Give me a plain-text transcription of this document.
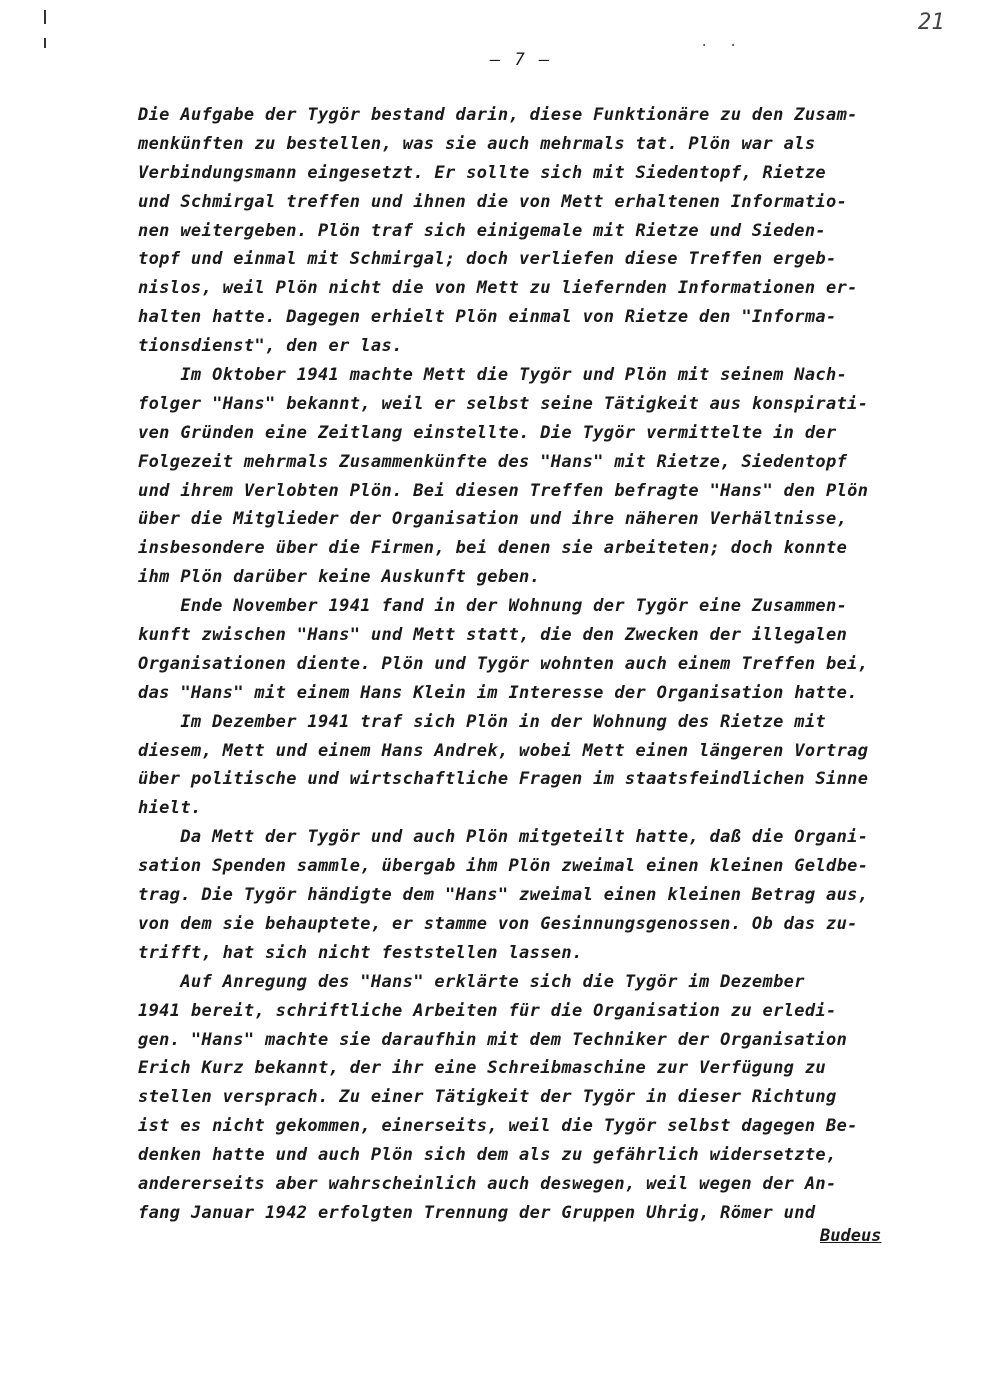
· ·
21
— 7 —
Die Aufgabe der Tygör bestand darin, diese Funktionäre zu den Zusam-
menkünften zu bestellen, was sie auch mehrmals tat. Plön war als
Verbindungsmann eingesetzt. Er sollte sich mit Siedentopf, Rietze
und Schmirgal treffen und ihnen die von Mett erhaltenen Informatio-
nen weitergeben. Plön traf sich einigemale mit Rietze und Sieden-
topf und einmal mit Schmirgal; doch verliefen diese Treffen ergeb-
nislos, weil Plön nicht die von Mett zu liefernden Informationen er-
halten hatte. Dagegen erhielt Plön einmal von Rietze den "Informa-
tionsdienst", den er las.
Im Oktober 1941 machte Mett die Tygör und Plön mit seinem Nach-
folger "Hans" bekannt, weil er selbst seine Tätigkeit aus konspirati-
ven Gründen eine Zeitlang einstellte. Die Tygör vermittelte in der
Folgezeit mehrmals Zusammenkünfte des "Hans" mit Rietze, Siedentopf
und ihrem Verlobten Plön. Bei diesen Treffen befragte "Hans" den Plön
über die Mitglieder der Organisation und ihre näheren Verhältnisse,
insbesondere über die Firmen, bei denen sie arbeiteten; doch konnte
ihm Plön darüber keine Auskunft geben.
Ende November 1941 fand in der Wohnung der Tygör eine Zusammen-
kunft zwischen "Hans" und Mett statt, die den Zwecken der illegalen
Organisationen diente. Plön und Tygör wohnten auch einem Treffen bei,
das "Hans" mit einem Hans Klein im Interesse der Organisation hatte.
Im Dezember 1941 traf sich Plön in der Wohnung des Rietze mit
diesem, Mett und einem Hans Andrek, wobei Mett einen längeren Vortrag
über politische und wirtschaftliche Fragen im staatsfeindlichen Sinne
hielt.
Da Mett der Tygör und auch Plön mitgeteilt hatte, daß die Organi-
sation Spenden sammle, übergab ihm Plön zweimal einen kleinen Geldbe-
trag. Die Tygör händigte dem "Hans" zweimal einen kleinen Betrag aus,
von dem sie behauptete, er stamme von Gesinnungsgenossen. Ob das zu-
trifft, hat sich nicht feststellen lassen.
Auf Anregung des "Hans" erklärte sich die Tygör im Dezember
1941 bereit, schriftliche Arbeiten für die Organisation zu erledi-
gen. "Hans" machte sie daraufhin mit dem Techniker der Organisation
Erich Kurz bekannt, der ihr eine Schreibmaschine zur Verfügung zu
stellen versprach. Zu einer Tätigkeit der Tygör in dieser Richtung
ist es nicht gekommen, einerseits, weil die Tygör selbst dagegen Be-
denken hatte und auch Plön sich dem als zu gefährlich widersetzte,
andererseits aber wahrscheinlich auch deswegen, weil wegen der An-
fang Januar 1942 erfolgten Trennung der Gruppen Uhrig, Römer und
Budeus
